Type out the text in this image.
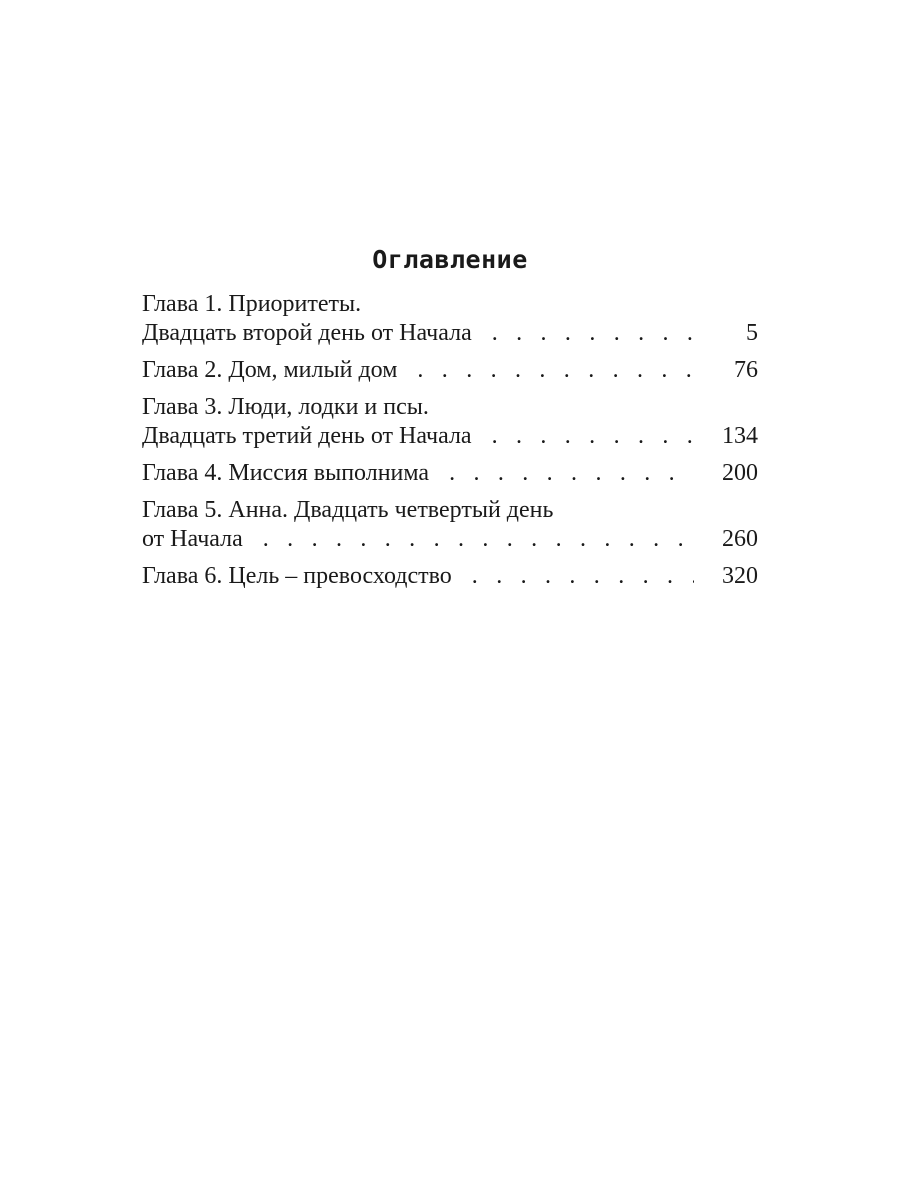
Оглавление
Глава 1. Приоритеты.
Двадцать второй день от Начала . . .	5
Глава 2. Дом, милый дом . . .	76
Глава 3. Люди, лодки и псы.
Двадцать третий день от Начала . . .	134
Глава 4. Миссия выполнима . . .	200
Глава 5. Анна. Двадцать четвертый день
от Начала . . .	260
Глава 6. Цель – превосходство . . .	320
